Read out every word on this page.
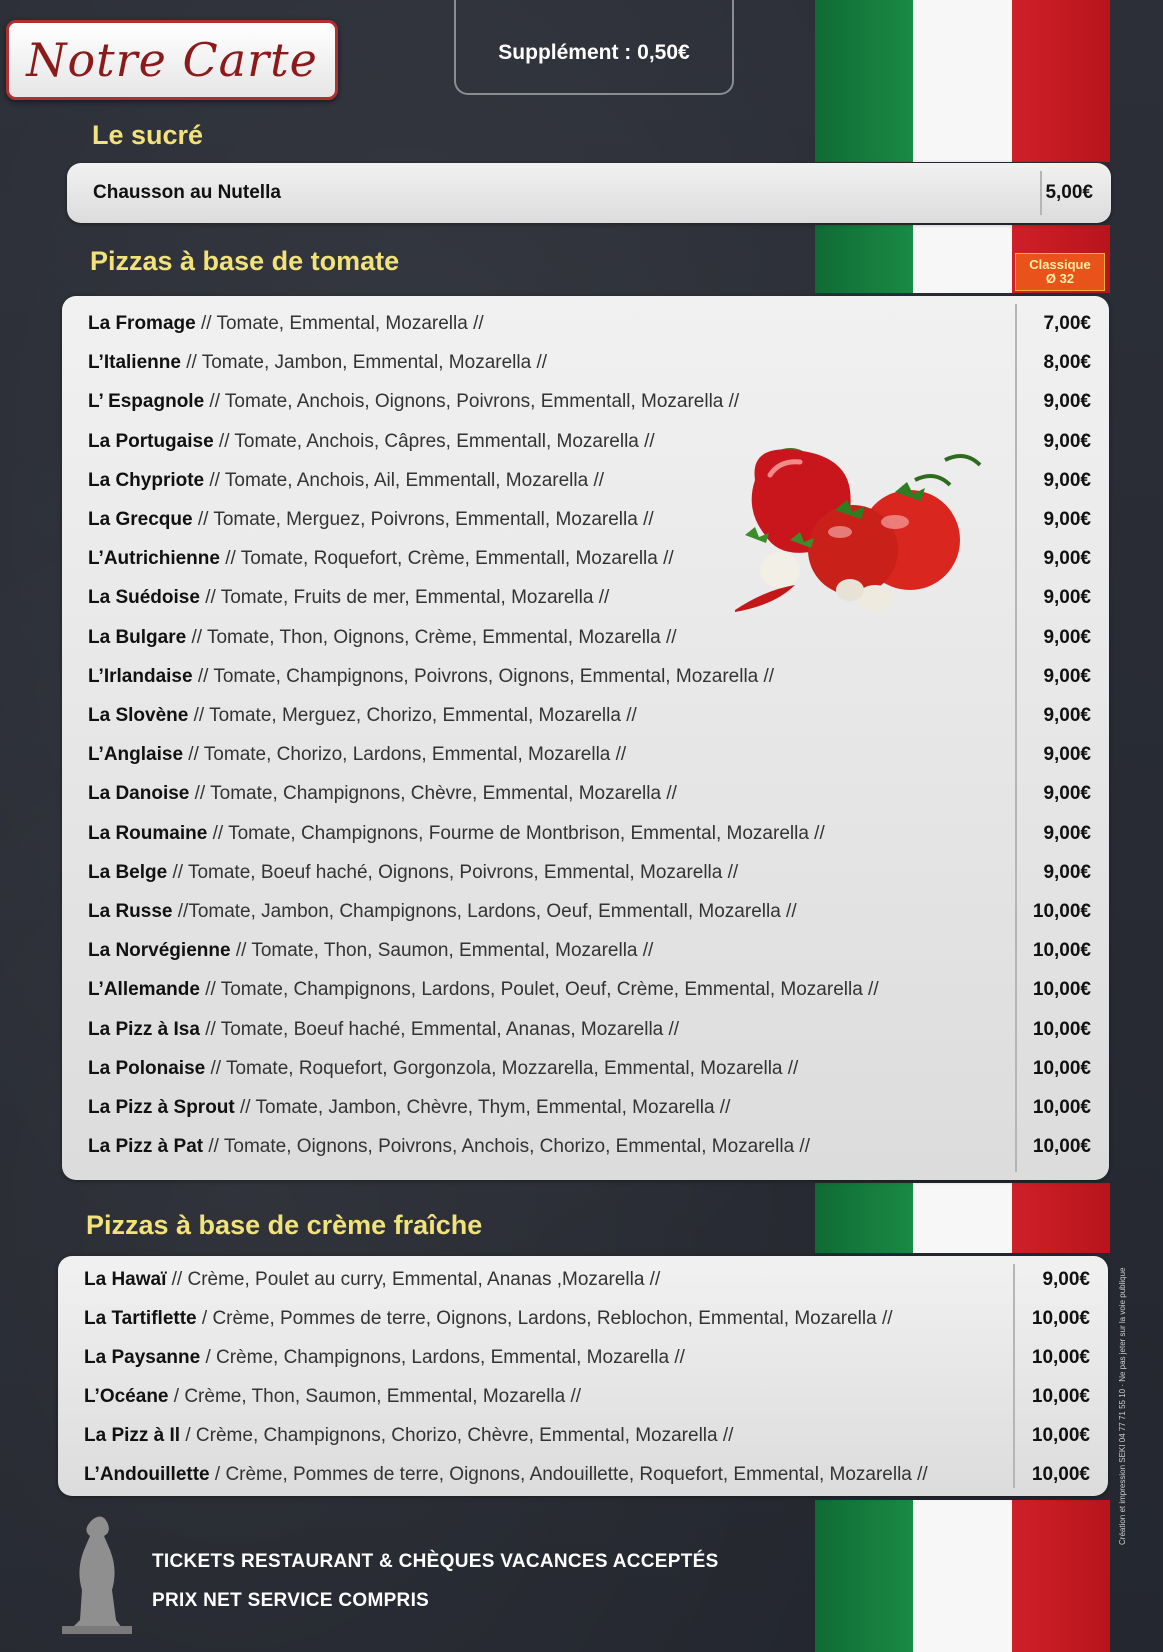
Notre Carte	Supplément : 0,50€
Le sucré
Chausson au Nutella	5,00€
Pizzas à base de tomate	Classique
Ø 32
La Fromage // Tomate, Emmental, Mozarella //	7,00€
L’Italienne // Tomate, Jambon, Emmental, Mozarella //	8,00€
L’ Espagnole // Tomate, Anchois, Oignons, Poivrons, Emmentall, Mozarella //	9,00€
La Portugaise // Tomate, Anchois, Câpres, Emmentall, Mozarella //	9,00€
La Chypriote // Tomate, Anchois, Ail, Emmentall, Mozarella //	9,00€
La Grecque // Tomate, Merguez, Poivrons, Emmentall, Mozarella //	9,00€
L’Autrichienne // Tomate, Roquefort, Crème, Emmentall, Mozarella //	9,00€
La Suédoise // Tomate, Fruits de mer, Emmental, Mozarella //	9,00€
La Bulgare // Tomate, Thon, Oignons, Crème, Emmental, Mozarella //	9,00€
L’Irlandaise // Tomate, Champignons, Poivrons, Oignons, Emmental, Mozarella //	9,00€
La Slovène // Tomate, Merguez, Chorizo, Emmental, Mozarella //	9,00€
L’Anglaise // Tomate, Chorizo, Lardons, Emmental, Mozarella //	9,00€
La Danoise // Tomate, Champignons, Chèvre, Emmental, Mozarella //	9,00€
La Roumaine // Tomate, Champignons, Fourme de Montbrison, Emmental, Mozarella //	9,00€
La Belge // Tomate, Boeuf haché, Oignons, Poivrons, Emmental, Mozarella //	9,00€
La Russe //Tomate, Jambon, Champignons, Lardons, Oeuf, Emmentall, Mozarella //	10,00€
La Norvégienne // Tomate, Thon, Saumon, Emmental, Mozarella //	10,00€
L’Allemande // Tomate, Champignons, Lardons, Poulet, Oeuf, Crème, Emmental, Mozarella //	10,00€
La Pizz à Isa // Tomate, Boeuf haché, Emmental, Ananas, Mozarella //	10,00€
La Polonaise // Tomate, Roquefort, Gorgonzola, Mozzarella, Emmental, Mozarella //	10,00€
La Pizz à Sprout // Tomate, Jambon, Chèvre, Thym, Emmental, Mozarella //	10,00€
La Pizz à Pat // Tomate, Oignons, Poivrons, Anchois, Chorizo, Emmental, Mozarella //	10,00€
Pizzas à base de crème fraîche
La Hawaï // Crème, Poulet au curry, Emmental, Ananas ,Mozarella //	9,00€
La Tartiflette / Crème, Pommes de terre, Oignons, Lardons, Reblochon, Emmental, Mozarella //	10,00€
La Paysanne / Crème, Champignons, Lardons, Emmental, Mozarella //	10,00€
L’Océane / Crème, Thon, Saumon, Emmental, Mozarella //	10,00€
La Pizz à Il / Crème, Champignons, Chorizo, Chèvre, Emmental, Mozarella //	10,00€
L’Andouillette / Crème, Pommes de terre, Oignons, Andouillette, Roquefort, Emmental, Mozarella //	10,00€
TICKETS RESTAURANT & CHÈQUES VACANCES ACCEPTÉS
PRIX NET SERVICE COMPRIS
Création et impression SEKI 04 77 71 55 10 · Ne pas jeter sur la voie publique
